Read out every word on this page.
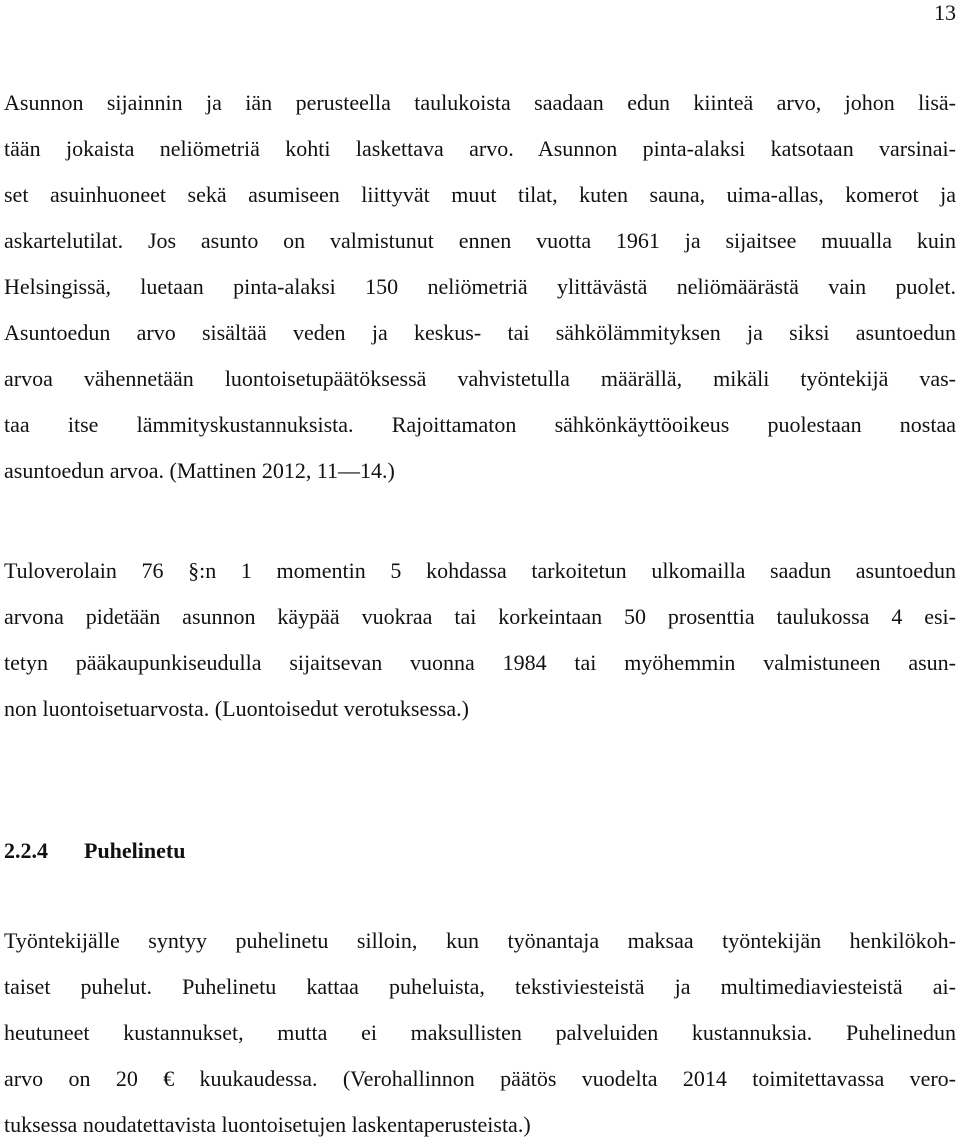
13
Asunnon sijainnin ja iän perusteella taulukoista saadaan edun kiinteä arvo, johon lisä-
tään jokaista neliömetriä kohti laskettava arvo. Asunnon pinta-alaksi katsotaan varsinai-
set asuinhuoneet sekä asumiseen liittyvät muut tilat, kuten sauna, uima-allas, komerot ja
askartelutilat. Jos asunto on valmistunut ennen vuotta 1961 ja sijaitsee muualla kuin
Helsingissä, luetaan pinta-alaksi 150 neliömetriä ylittävästä neliömäärästä vain puolet.
Asuntoedun arvo sisältää veden ja keskus- tai sähkölämmityksen ja siksi asuntoedun
arvoa vähennetään luontoisetupäätöksessä vahvistetulla määrällä, mikäli työntekijä vas-
taa itse lämmityskustannuksista. Rajoittamaton sähkönkäyttöoikeus puolestaan nostaa
asuntoedun arvoa. (Mattinen 2012, 11—14.)
Tuloverolain 76 §:n 1 momentin 5 kohdassa tarkoitetun ulkomailla saadun asuntoedun
arvona pidetään asunnon käypää vuokraa tai korkeintaan 50 prosenttia taulukossa 4 esi-
tetyn pääkaupunkiseudulla sijaitsevan vuonna 1984 tai myöhemmin valmistuneen asun-
non luontoisetuarvosta. (Luontoisedut verotuksessa.)
2.2.4 Puhelinetu
Työntekijälle syntyy puhelinetu silloin, kun työnantaja maksaa työntekijän henkilökoh-
taiset puhelut. Puhelinetu kattaa puheluista, tekstiviesteistä ja multimediaviesteistä ai-
heutuneet kustannukset, mutta ei maksullisten palveluiden kustannuksia. Puhelinedun
arvo on 20 € kuukaudessa. (Verohallinnon päätös vuodelta 2014 toimitettavassa vero-
tuksessa noudatettavista luontoisetujen laskentaperusteista.)
